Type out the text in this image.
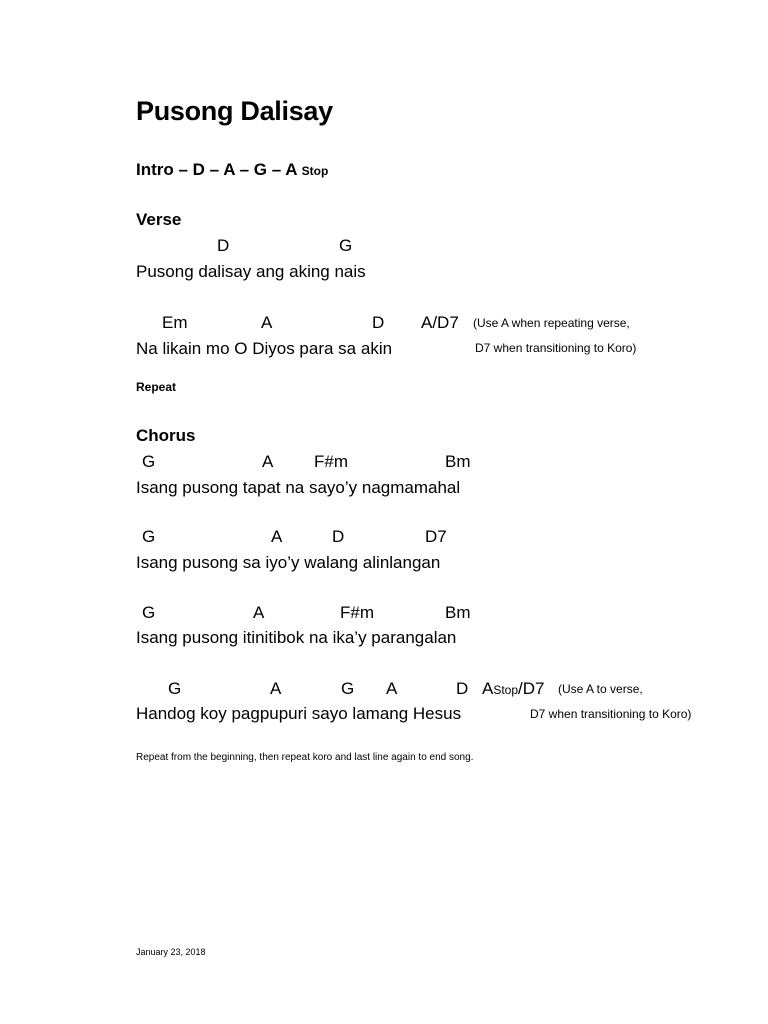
Pusong Dalisay
Intro – D – A – G – A Stop
Verse
D	G
Pusong dalisay ang aking nais
Em	A	D A/D7 (Use A when repeating verse,
Na likain mo O Diyos para sa akin	D7 when transitioning to Koro)
Repeat
Chorus
G	A F#m	Bm
Isang pusong tapat na sayo’y nagmamahal
G	A	D	D7
Isang pusong sa iyo’y walang alinlangan
G	A	F#m	Bm
Isang pusong itinitibok na ika’y parangalan
G	A	G A	D AStop/D7 (Use A to verse,
Handog koy pagpupuri sayo lamang Hesus	D7 when transitioning to Koro)
Repeat from the beginning, then repeat koro and last line again to end song.
January 23, 2018
